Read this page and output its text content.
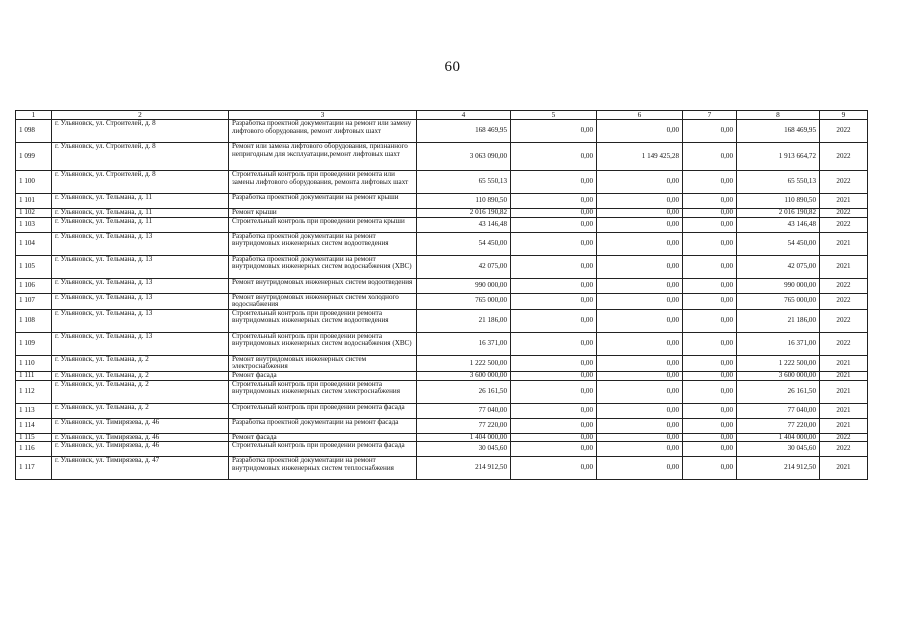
60
1	2	3	4	5	6	7	8	9
1 098	г. Ульяновск, ул. Строителей, д. 8	Разработка проектной документации на ремонт или замену лифтового оборудования, ремонт лифтовых шахт	168 469,95	0,00	0,00	0,00	168 469,95	2022
1 099	г. Ульяновск, ул. Строителей, д. 8	Ремонт или замена лифтового оборудования, признанного непригодным для эксплуатации,ремонт лифтовых шахт	3 063 090,00	0,00	1 149 425,28	0,00	1 913 664,72	2022
1 100	г. Ульяновск, ул. Строителей, д. 8	Строительный контроль при проведении ремонта или замены лифтового оборудования, ремонта лифтовых шахт	65 550,13	0,00	0,00	0,00	65 550,13	2022
1 101	г. Ульяновск, ул. Тельмана, д. 11	Разработка проектной документации на ремонт крыши	110 890,50	0,00	0,00	0,00	110 890,50	2021
1 102	г. Ульяновск, ул. Тельмана, д. 11	Ремонт крыши	2 016 190,82	0,00	0,00	0,00	2 016 190,82	2022
1 103	г. Ульяновск, ул. Тельмана, д. 11	Строительный контроль при проведении ремонта крыши	43 146,48	0,00	0,00	0,00	43 146,48	2022
1 104	г. Ульяновск, ул. Тельмана, д. 13	Разработка проектной документации на ремонт внутридомовых инженерных систем водоотведения	54 450,00	0,00	0,00	0,00	54 450,00	2021
1 105	г. Ульяновск, ул. Тельмана, д. 13	Разработка проектной документации на ремонт внутридомовых инженерных систем водоснабжения (ХВС)	42 075,00	0,00	0,00	0,00	42 075,00	2021
1 106	г. Ульяновск, ул. Тельмана, д. 13	Ремонт внутридомовых инженерных систем водоотведения	990 000,00	0,00	0,00	0,00	990 000,00	2022
1 107	г. Ульяновск, ул. Тельмана, д. 13	Ремонт внутридомовых инженерных систем холодного водоснабжения	765 000,00	0,00	0,00	0,00	765 000,00	2022
1 108	г. Ульяновск, ул. Тельмана, д. 13	Строительный контроль при проведении ремонта внутридомовых инженерных систем водоотведения	21 186,00	0,00	0,00	0,00	21 186,00	2022
1 109	г. Ульяновск, ул. Тельмана, д. 13	Строительный контроль при проведении ремонта внутридомовых инженерных систем водоснабжения (ХВС)	16 371,00	0,00	0,00	0,00	16 371,00	2022
1 110	г. Ульяновск, ул. Тельмана, д. 2	Ремонт внутридомовых инженерных систем электроснабжения	1 222 500,00	0,00	0,00	0,00	1 222 500,00	2021
1 111	г. Ульяновск, ул. Тельмана, д. 2	Ремонт фасада	3 600 000,00	0,00	0,00	0,00	3 600 000,00	2021
1 112	г. Ульяновск, ул. Тельмана, д. 2	Строительный контроль при проведении ремонта внутридомовых инженерных систем электроснабжения	26 161,50	0,00	0,00	0,00	26 161,50	2021
1 113	г. Ульяновск, ул. Тельмана, д. 2	Строительный контроль при проведении ремонта фасада	77 040,00	0,00	0,00	0,00	77 040,00	2021
1 114	г. Ульяновск, ул. Тимирязева, д. 46	Разработка проектной документации на ремонт фасада	77 220,00	0,00	0,00	0,00	77 220,00	2021
1 115	г. Ульяновск, ул. Тимирязева, д. 46	Ремонт фасада	1 404 000,00	0,00	0,00	0,00	1 404 000,00	2022
1 116	г. Ульяновск, ул. Тимирязева, д. 46	Строительный контроль при проведении ремонта фасада	30 045,60	0,00	0,00	0,00	30 045,60	2022
1 117	г. Ульяновск, ул. Тимирязева, д. 47	Разработка проектной документации на ремонт внутридомовых инженерных систем теплоснабжения	214 912,50	0,00	0,00	0,00	214 912,50	2021
